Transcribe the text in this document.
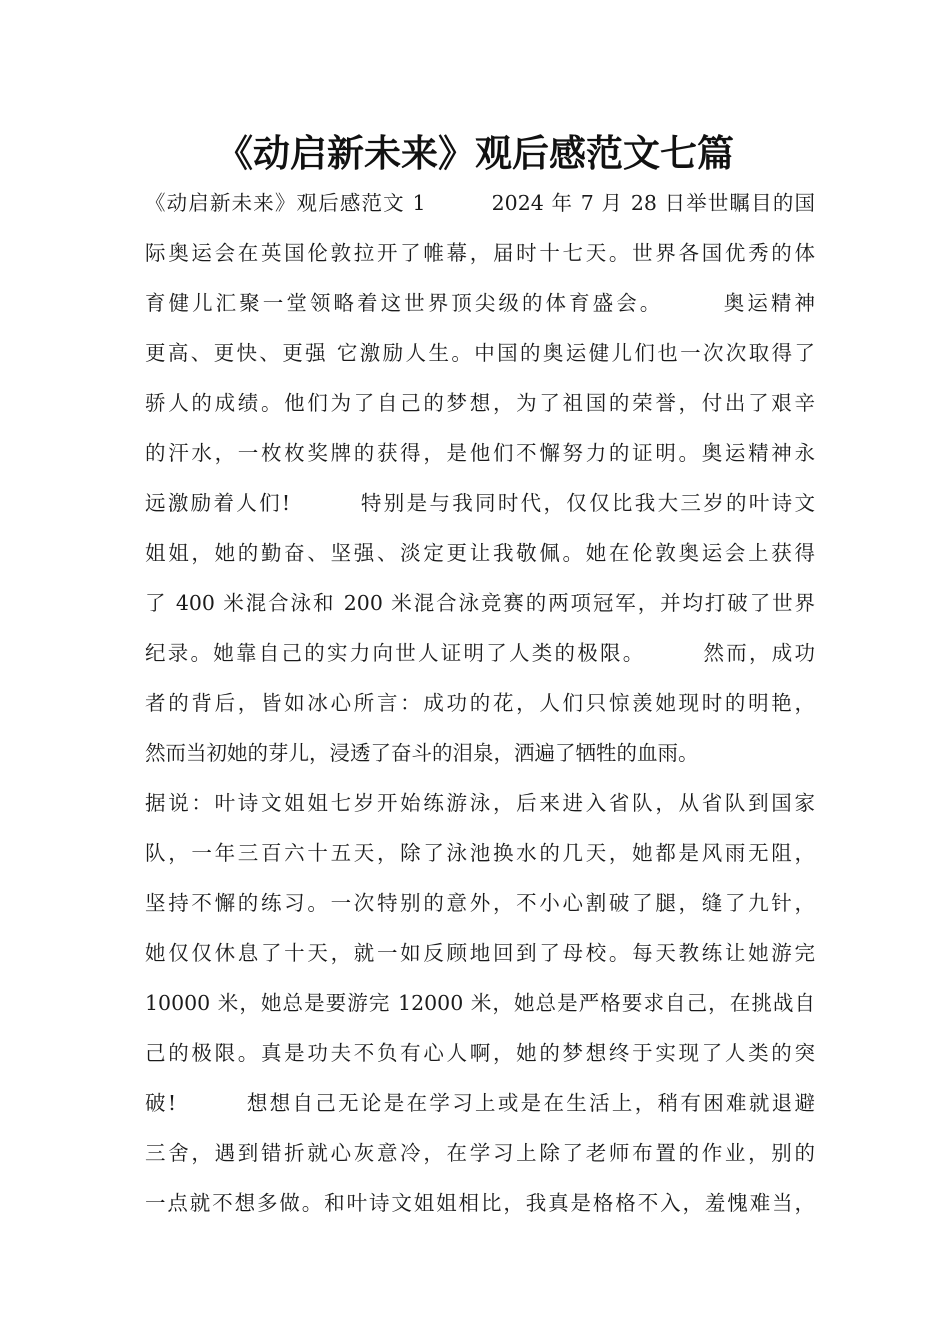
《动启新未来》观后感范文七篇
《动启新未来》观后感范文 1　　　2024 年 7 月 28 日举世瞩目的国
际奥运会在英国伦敦拉开了帷幕，届时十七天。世界各国优秀的体
育健儿汇聚一堂领略着这世界顶尖级的体育盛会。　　　奥运精神
更高、更快、更强 它激励人生。中国的奥运健儿们也一次次取得了
骄人的成绩。他们为了自己的梦想，为了祖国的荣誉，付出了艰辛
的汗水，一枚枚奖牌的获得，是他们不懈努力的证明。奥运精神永
远激励着人们!　　　特别是与我同时代，仅仅比我大三岁的叶诗文
姐姐，她的勤奋、坚强、淡定更让我敬佩。她在伦敦奥运会上获得
了 400 米混合泳和 200 米混合泳竞赛的两项冠军，并均打破了世界
纪录。她靠自己的实力向世人证明了人类的极限。　　　然而，成功
者的背后，皆如冰心所言：成功的花，人们只惊羡她现时的明艳，
然而当初她的芽儿，浸透了奋斗的泪泉，洒遍了牺牲的血雨。
据说：叶诗文姐姐七岁开始练游泳，后来进入省队，从省队到国家
队，一年三百六十五天，除了泳池换水的几天，她都是风雨无阻，
坚持不懈的练习。一次特别的意外，不小心割破了腿，缝了九针，
她仅仅休息了十天，就一如反顾地回到了母校。每天教练让她游完
10000 米，她总是要游完 12000 米，她总是严格要求自己，在挑战自
己的极限。真是功夫不负有心人啊，她的梦想终于实现了人类的突
破!　　　想想自己无论是在学习上或是在生活上，稍有困难就退避
三舍，遇到错折就心灰意冷，在学习上除了老师布置的作业，别的
一点就不想多做。和叶诗文姐姐相比，我真是格格不入，羞愧难当，
